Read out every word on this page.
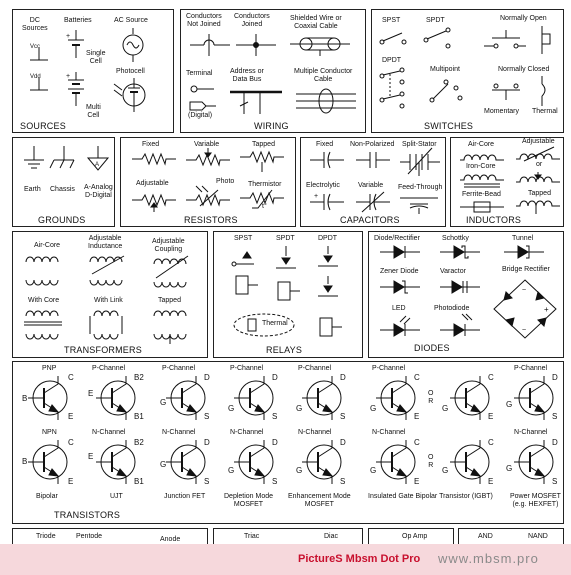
SOURCES	WIRING	SWITCHES
DC
Sources
Batteries	AC Source
Vcc
Vdd
Single
Cell
Multi
Cell
Photocell
+
+
Conductors
Not Joined
Conductors
Joined
Shielded Wire or
Coaxial Cable
Terminal	Address or
Data Bus
Multiple Conductor
Cable
(Digital)
SPST	SPDT	Normally Open
DPDT
Multipoint	Normally Closed
Momentary Thermal
GROUNDS	RESISTORS	CAPACITORS	INDUCTORS
Earth Chassis A-Analog
D-Digital
A
Fixed	Variable	Tapped
Adjustable	Photo Thermistor
t°
Fixed Non-Polarized Split-Stator
Electrolytic	Variable Feed-Through
+
Air-Core	Adjustable
or
Iron-Core
Ferrite-Bead	Tapped
TRANSFORMERS	RELAYS	DIODES
Air-Core
Adjustable
Inductance
Adjustable
Coupling
With Core	With Link	Tapped
SPST	SPDT	DPDT
Thermal
Diode/Rectifier	Schottky	Tunnel
Zener Diode	Varactor	Bridge Rectifier
LED	Photodiode
~
~
+
TRANSISTORS
PNP
NPN
Bipolar
P-Channel
N-Channel
UJT
P-Channel
N-Channel
Junction FET
P-Channel
N-Channel
Depletion Mode
MOSFET
P-Channel
N-Channel
Enhancement Mode
MOSFET
P-Channel
N-Channel
Insulated Gate Bipolar Transistor (IGBT)
P-Channel
N-Channel
Power MOSFET
(e.g. HEXFET)
O
R
O
R
B
C
E
B
C
E
E
B2
B1
E
B2
B1
G
D
S
G
D
S
G
D
S
G
D
S
G
D
S
G
D
S
G
C
E
G
C
E
G
C
E
G
C
E
G
D
S
G
D
S
Triode	Pentode	Anode	Triac	Diac	Op Amp	AND	NAND
PictureS Mbsm Dot Pro www.mbsm.pro
